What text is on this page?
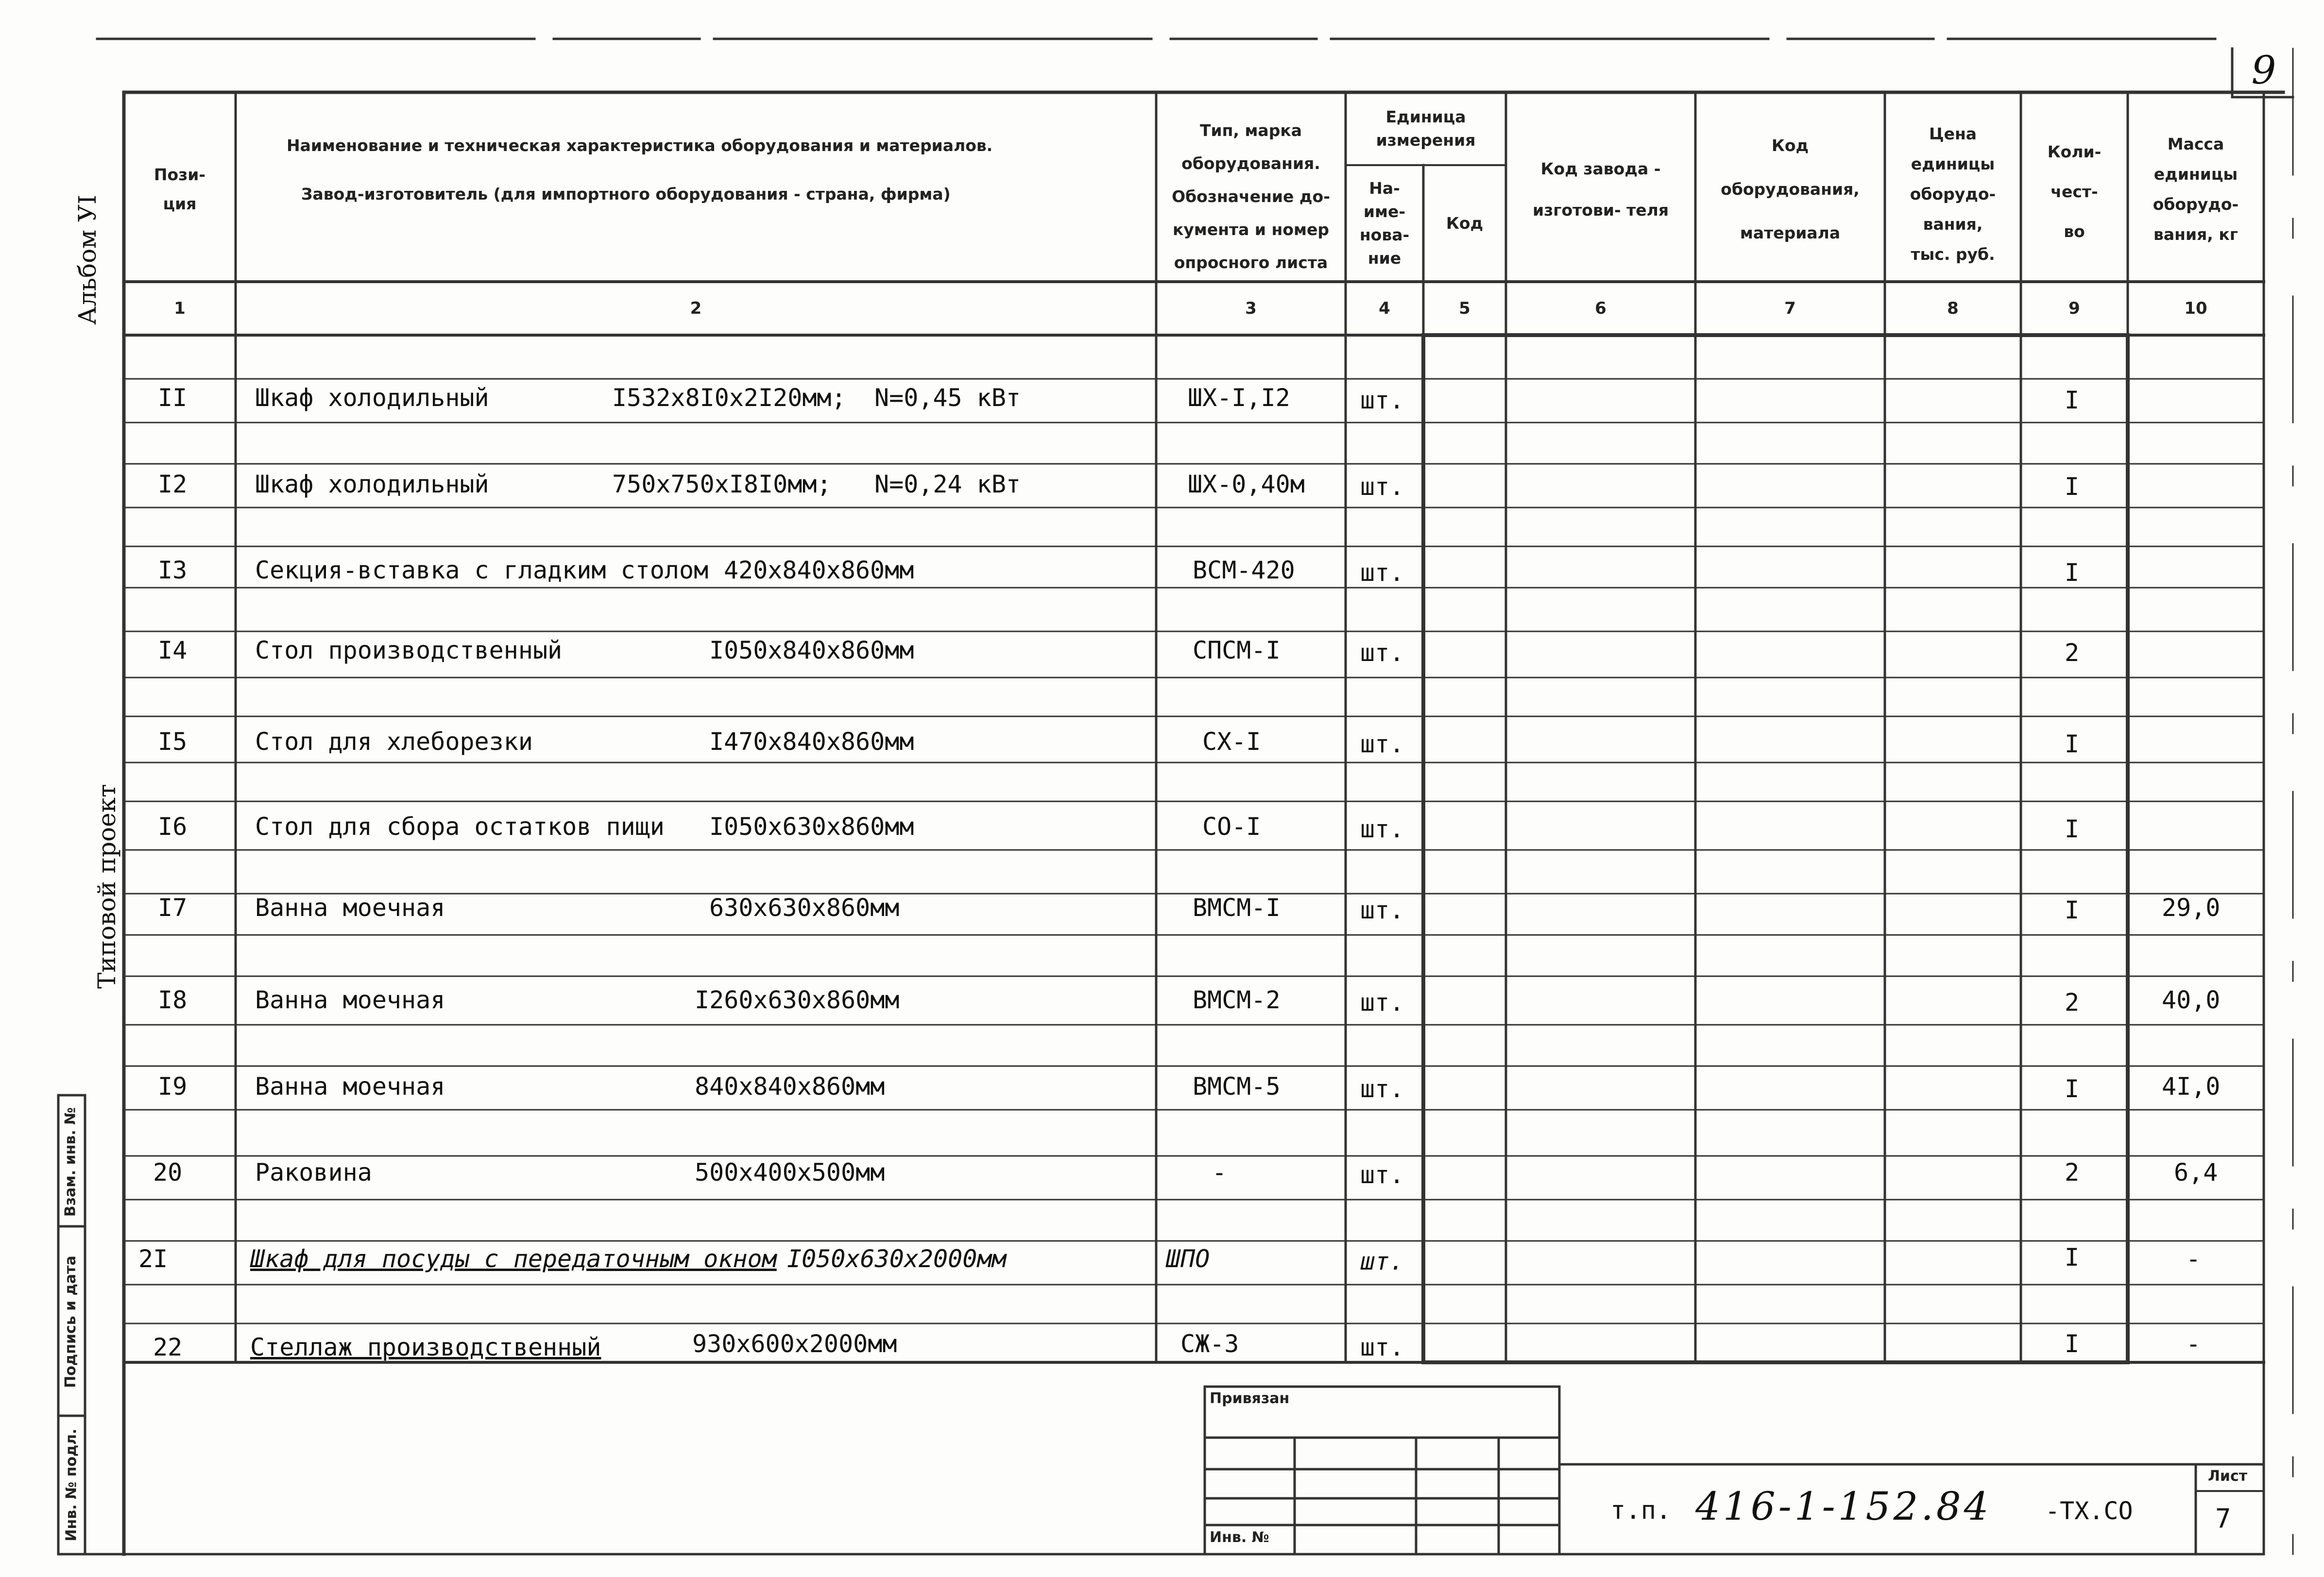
9
Альбом УI
Типовой проект
Взам. инв. №
Подпись и дата
Инв. № подл.
Пози- ция
Наименование и техническая характеристика оборудования и материалов.
Завод-изготовитель (для импортного оборудования - страна, фирма)
Тип, марка оборудования. Обозначение до- кумента и номер опросного листа
Единица измерения
На- име- нова- ние
Код
Код завода - изготови- теля
Код оборудования, материала
Цена единицы оборудо- вания, тыс. руб.
Коли- чест- во
Масса единицы оборудо- вания, кг
1	2	3	4	5	6	7	8	9	10
II	Шкаф холодильный	I532x8I0x2I20мм; N=0,45 кВт	ШХ-I,I2	шт.	I
I2	Шкаф холодильный	750x750xI8I0мм; N=0,24 кВт	ШХ-0,40м шт.	I
I3	Секция-вставка с гладким столом 420x840x860мм	ВСМ-420	шт.	I
I4	Стол производственный	I050x840x860мм	СПСМ-I	шт.	2
I5	Стол для хлеборезки	I470x840x860мм	СХ-I	шт.	I
I6	Стол для сбора остатков пищи I050x630x860мм	СО-I	шт.	I
I7	Ванна моечная	630x630x860мм	ВМСМ-I	шт.	I	29,0
I8	Ванна моечная	I260x630x860мм	ВМСМ-2	шт.	2	40,0
I9	Ванна моечная	840x840x860мм	ВМСМ-5	шт.	I	4I,0
20	Раковина	500x400x500мм	-	шт.	2	6,4
2I	Шкаф для посуды с передаточным окном I050x630x2000мм	ШПО	шт.	I	-
22	Стеллаж производственный	930x600x2000мм	СЖ-3	шт.	I	-
Привязан
Инв. №
т.п. 416-1-152.84 -ТХ.СО
Лист
7
